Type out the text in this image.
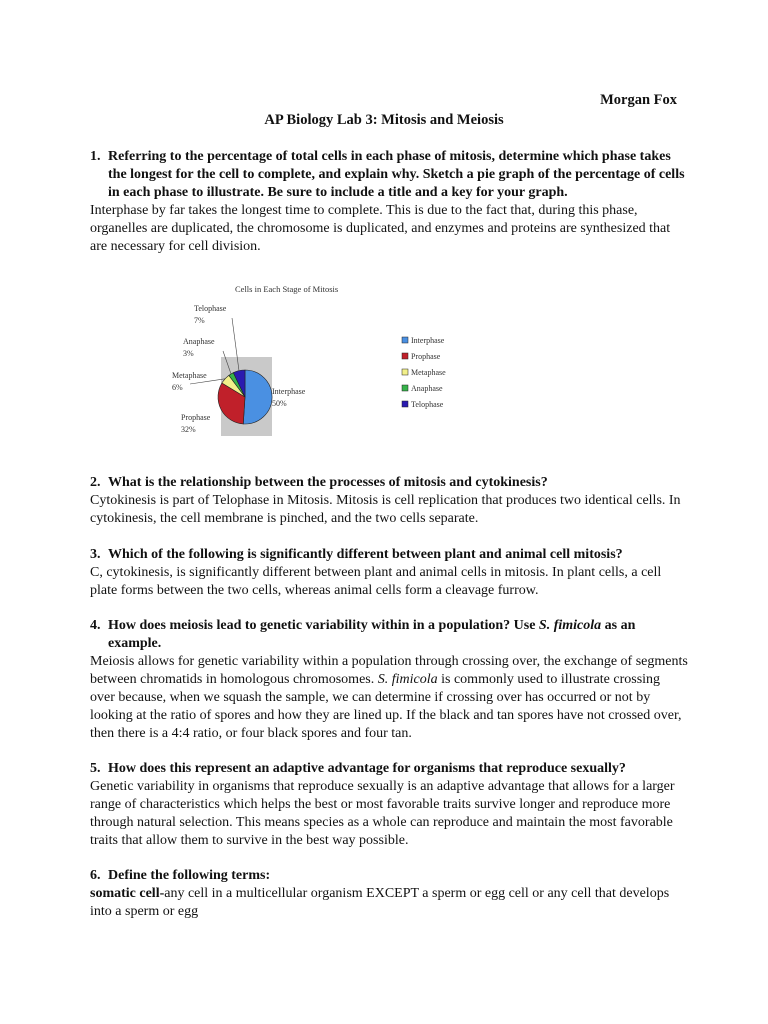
Morgan Fox
AP Biology Lab 3: Mitosis and Meiosis
1. Referring to the percentage of total cells in each phase of mitosis, determine which phase takes the longest for the cell to complete, and explain why. Sketch a pie graph of the percentage of cells in each phase to illustrate. Be sure to include a title and a key for your graph.

Interphase by far takes the longest time to complete. This is due to the fact that, during this phase, organelles are duplicated, the chromosome is duplicated, and enzymes and proteins are synthesized that are necessary for cell division.

Cells in Each Stage of Mitosis
Interphase
50%
Prophase
32%
Metaphase
6%
Anaphase
3%
Telophase
7%
Interphase
Prophase
Metaphase
Anaphase
Telophase
2. What is the relationship between the processes of mitosis and cytokinesis?

Cytokinesis is part of Telophase in Mitosis. Mitosis is cell replication that produces two identical cells. In cytokinesis, the cell membrane is pinched, and the two cells separate.

3. Which of the following is significantly different between plant and animal cell mitosis?

C, cytokinesis, is significantly different between plant and animal cells in mitosis. In plant cells, a cell plate forms between the two cells, whereas animal cells form a cleavage furrow.

4. How does meiosis lead to genetic variability within in a population? Use S. fimicola as an example.

Meiosis allows for genetic variability within a population through crossing over, the exchange of segments between chromatids in homologous chromosomes. S. fimicola is commonly used to illustrate crossing over because, when we squash the sample, we can determine if crossing over has occurred or not by looking at the ratio of spores and how they are lined up. If the black and tan spores have not crossed over, then there is a 4:4 ratio, or four black spores and four tan.

5. How does this represent an adaptive advantage for organisms that reproduce sexually?

Genetic variability in organisms that reproduce sexually is an adaptive advantage that allows for a larger range of characteristics which helps the best or most favorable traits survive longer and reproduce more through natural selection. This means species as a whole can reproduce and maintain the most favorable traits that allow them to survive in the best way possible.

6. Define the following terms:

somatic cell-any cell in a multicellular organism EXCEPT a sperm or egg cell or any cell that develops into a sperm or egg
